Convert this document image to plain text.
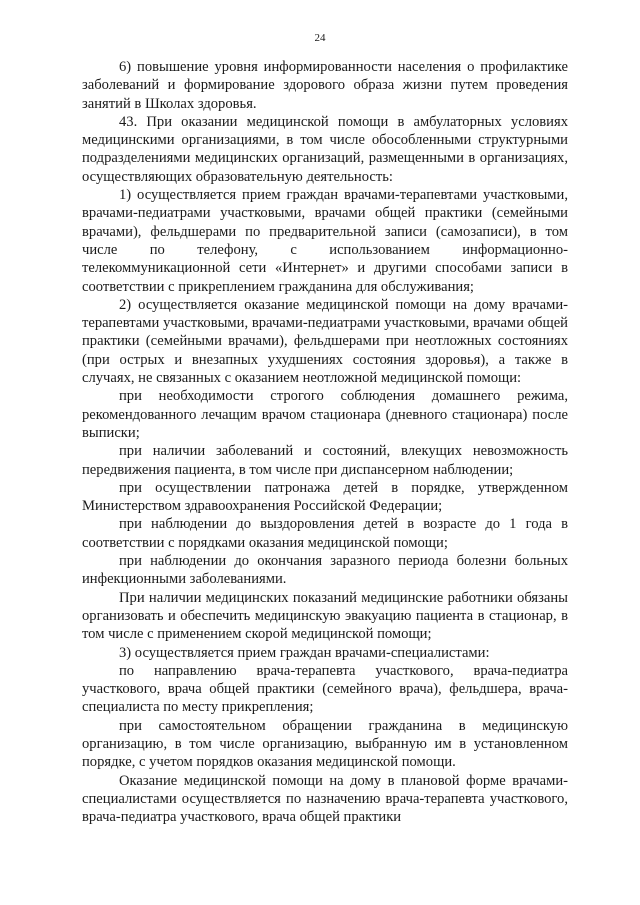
24

6) повышение уровня информированности населения о профилактике заболеваний и формирование здорового образа жизни путем проведения занятий в Школах здоровья.

43. При оказании медицинской помощи в амбулаторных условиях медицинскими организациями, в том числе обособленными структурными подразделениями медицинских организаций, размещенными в организациях, осуществляющих образовательную деятельность:

1) осуществляется прием граждан врачами-терапевтами участковыми, врачами-педиатрами участковыми, врачами общей практики (семейными врачами), фельдшерами по предварительной записи (самозаписи), в том числе по телефону, с использованием информационно-телекоммуникационной сети «Интернет» и другими способами записи в соответствии с прикреплением гражданина для обслуживания;

2) осуществляется оказание медицинской помощи на дому врачами-терапевтами участковыми, врачами-педиатрами участковыми, врачами общей практики (семейными врачами), фельдшерами при неотложных состояниях (при острых и внезапных ухудшениях состояния здоровья), а также в случаях, не связанных с оказанием неотложной медицинской помощи:

при необходимости строгого соблюдения домашнего режима, рекомендованного лечащим врачом стационара (дневного стационара) после выписки;

при наличии заболеваний и состояний, влекущих невозможность передвижения пациента, в том числе при диспансерном наблюдении;

при осуществлении патронажа детей в порядке, утвержденном Министерством здравоохранения Российской Федерации;

при наблюдении до выздоровления детей в возрасте до 1 года в соответствии с порядками оказания медицинской помощи;

при наблюдении до окончания заразного периода болезни больных инфекционными заболеваниями.

При наличии медицинских показаний медицинские работники обязаны организовать и обеспечить медицинскую эвакуацию пациента в стационар, в том числе с применением скорой медицинской помощи;

3) осуществляется прием граждан врачами-специалистами:

по направлению врача-терапевта участкового, врача-педиатра участкового, врача общей практики (семейного врача), фельдшера, врача-специалиста по месту прикрепления;

при самостоятельном обращении гражданина в медицинскую организацию, в том числе организацию, выбранную им в установленном порядке, с учетом порядков оказания медицинской помощи.

Оказание медицинской помощи на дому в плановой форме врачами-специалистами осуществляется по назначению врача-терапевта участкового, врача-педиатра участкового, врача общей практики
